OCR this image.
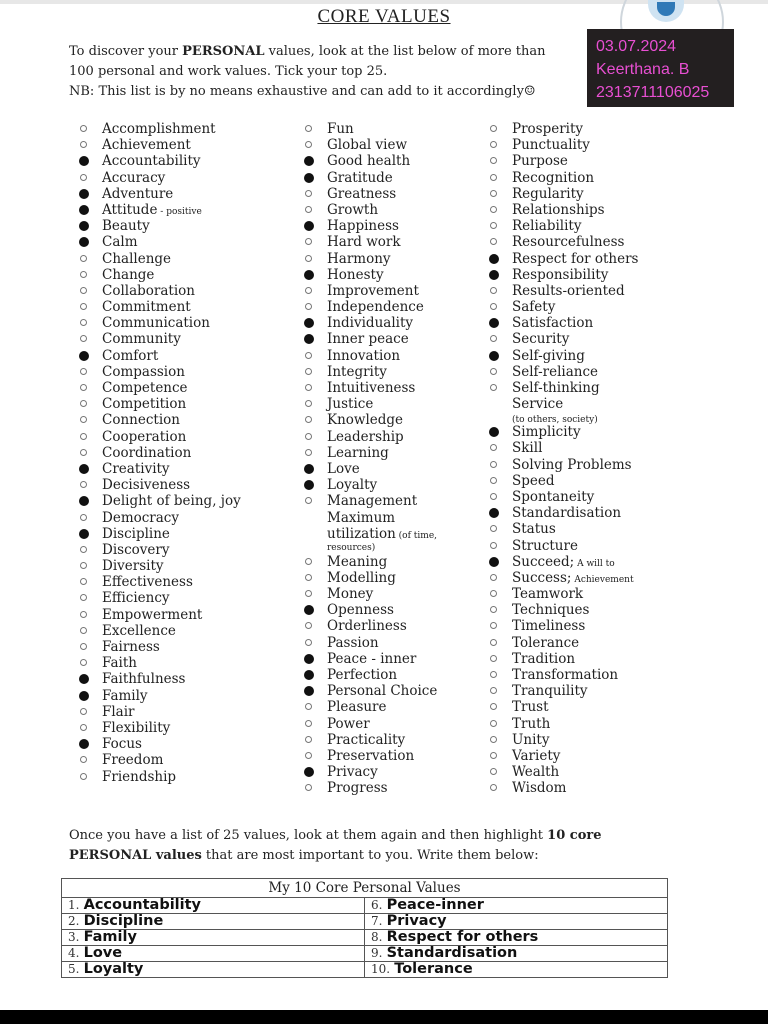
CORE VALUES
To discover your PERSONAL values, look at the list below of more than
100 personal and work values. Tick your top 25.
NB: This list is by no means exhaustive and can add to it accordingly☺
03.07.2024
Keerthana. B
2313711106025
Accomplishment
Achievement
Accountability
Accuracy
Adventure
Attitude - positive
Beauty
Calm
Challenge
Change
Collaboration
Commitment
Communication
Community
Comfort
Compassion
Competence
Competition
Connection
Cooperation
Coordination
Creativity
Decisiveness
Delight of being, joy
Democracy
Discipline
Discovery
Diversity
Effectiveness
Efficiency
Empowerment
Excellence
Fairness
Faith
Faithfulness
Family
Flair
Flexibility
Focus
Freedom
Friendship
Fun
Global view
Good health
Gratitude
Greatness
Growth
Happiness
Hard work
Harmony
Honesty
Improvement
Independence
Individuality
Inner peace
Innovation
Integrity
Intuitiveness
Justice
Knowledge
Leadership
Learning
Love
Loyalty
Management
Maximum
utilization (of time,
resources)
Meaning
Modelling
Money
Openness
Orderliness
Passion
Peace - inner
Perfection
Personal Choice
Pleasure
Power
Practicality
Preservation
Privacy
Progress
Prosperity
Punctuality
Purpose
Recognition
Regularity
Relationships
Reliability
Resourcefulness
Respect for others
Responsibility
Results-oriented
Safety
Satisfaction
Security
Self-giving
Self-reliance
Self-thinking
Service
(to others, society)
Simplicity
Skill
Solving Problems
Speed
Spontaneity
Standardisation
Status
Structure
Succeed; A will to
Success; Achievement
Teamwork
Techniques
Timeliness
Tolerance
Tradition
Transformation
Tranquility
Trust
Truth
Unity
Variety
Wealth
Wisdom
Once you have a list of 25 values, look at them again and then highlight 10 core
PERSONAL values that are most important to you. Write them below:
My 10 Core Personal Values	
1. Accountability	6. Peace-inner
2. Discipline	7. Privacy
3. Family	8. Respect for others
4. Love	9. Standardisation
5. Loyalty	10. Tolerance
